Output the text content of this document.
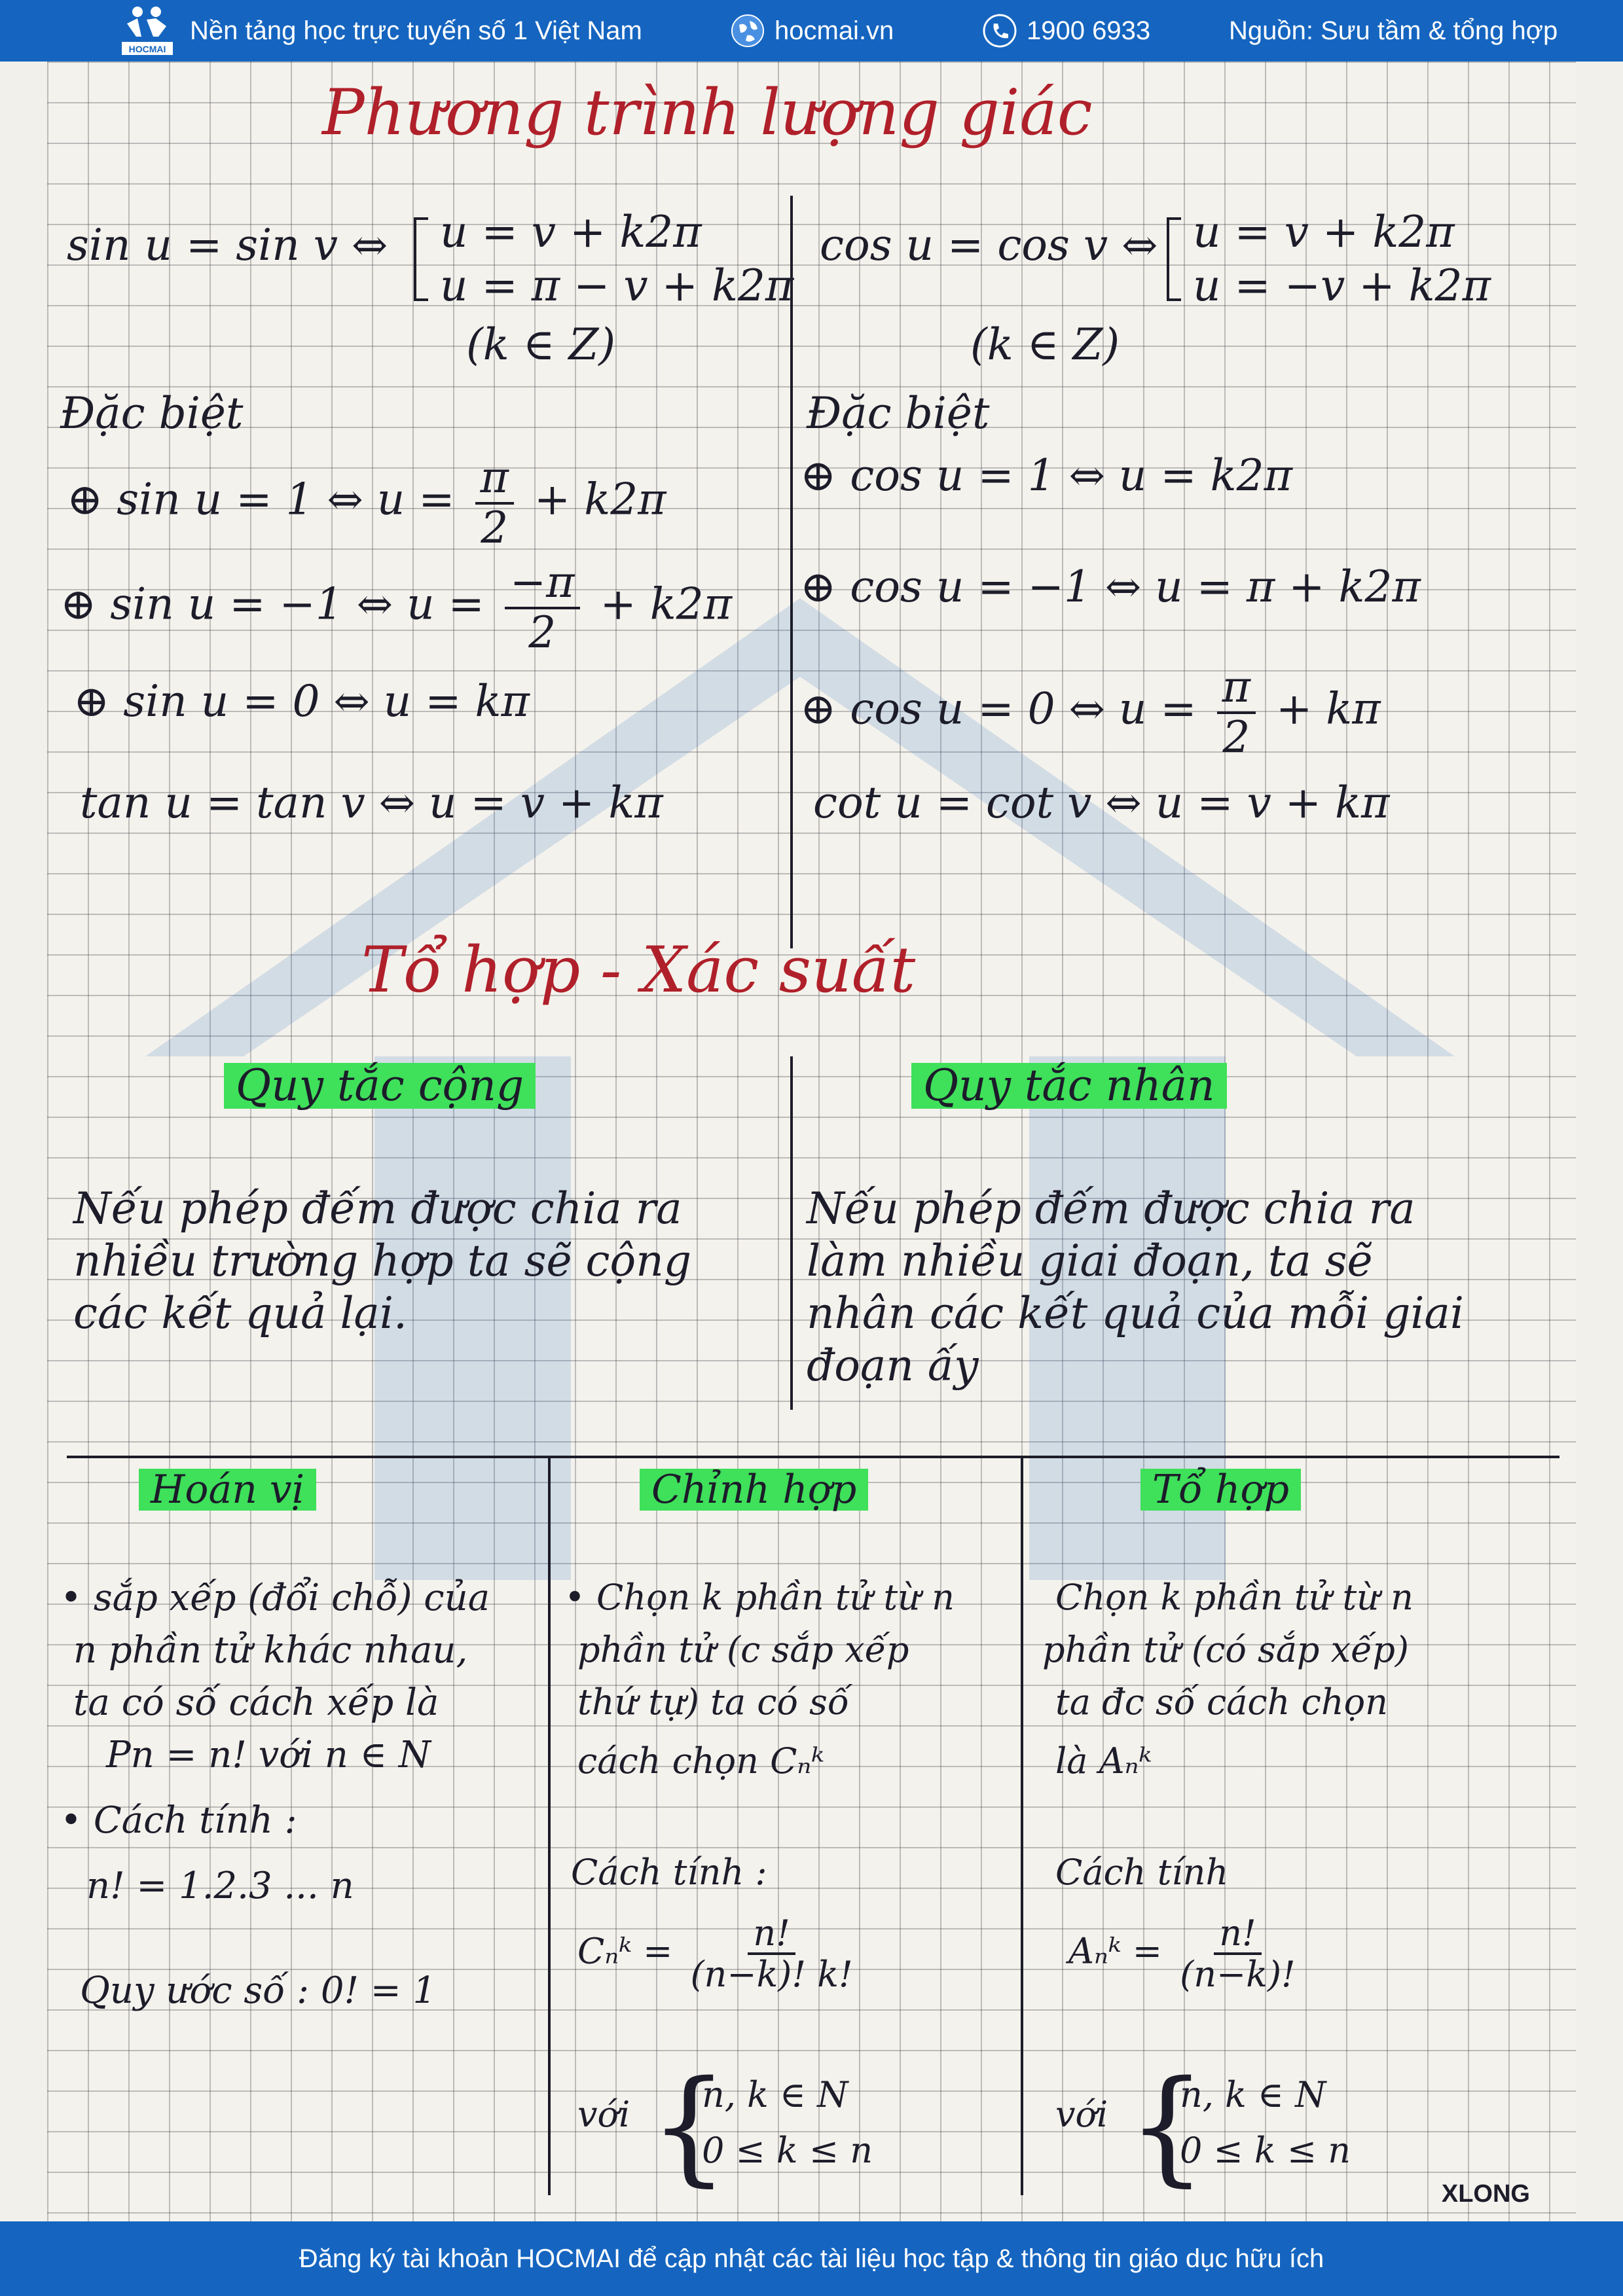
HOCMAI
Nền tảng học trực tuyến số 1 Việt Nam	hocmai.vn	1900 6933	Nguồn: Sưu tầm & tổng hợp
Phương trình lượng giác
sin u = sin v ⇔ u = v + k2π
u = π − v + k2π
(k ∈ Z)
Đặc biệt
⊕ sin u = 1 ⇔ $u = \frac{\pi}{2} + k2\pi$
⊕ sin u = −1 ⇔ $u = \frac{-\pi}{2} + k2\pi$
⊕ sin u = 0 ⇔ u = kπ
tan u = tan v ⇔ u = v + kπ
cos u = cos v ⇔ u = v + k2π
u = −v + k2π
(k ∈ Z)
Đặc biệt
⊕ cos u = 1 ⇔ u = k2π
⊕ cos u = −1 ⇔ u = π + k2π
⊕ cos u = 0 ⇔ $u = \frac{\pi}{2} + k\pi$
cot u = cot v ⇔ u = v + kπ
Tổ hợp - Xác suất
Quy tắc cộng	Quy tắc nhân
Nếu phép đếm được chia ra
nhiều trường hợp ta sẽ cộng
các kết quả lại.
Nếu phép đếm được chia ra
làm nhiều giai đoạn, ta sẽ
nhân các kết quả của mỗi giai
đoạn ấy
Hoán vị	Chỉnh hợp	Tổ hợp
• sắp xếp (đổi chỗ) của
n phần tử khác nhau,
ta có số cách xếp là
Pn = n! với n ∈ N
• Cách tính :
n! = 1.2.3 ... n
Quy ước số : 0! = 1
• Chọn k phần tử từ n
phần tử (c sắp xếp
thứ tự) ta có số
cách chọn Cₙᵏ
Cách tính :
Cₙᵏ = $\frac{n!}{(n-k)! k!}$
với {
n, k ∈ N
0 ≤ k ≤ n
Chọn k phần tử từ n
phần tử (có sắp xếp)
ta đc số cách chọn
là Aₙᵏ
Cách tính
Aₙᵏ = $\frac{n!}{(n-k)!}$
với {
n, k ∈ N
0 ≤ k ≤ n
XLONG
Đăng ký tài khoản HOCMAI để cập nhật các tài liệu học tập & thông tin giáo dục hữu ích
